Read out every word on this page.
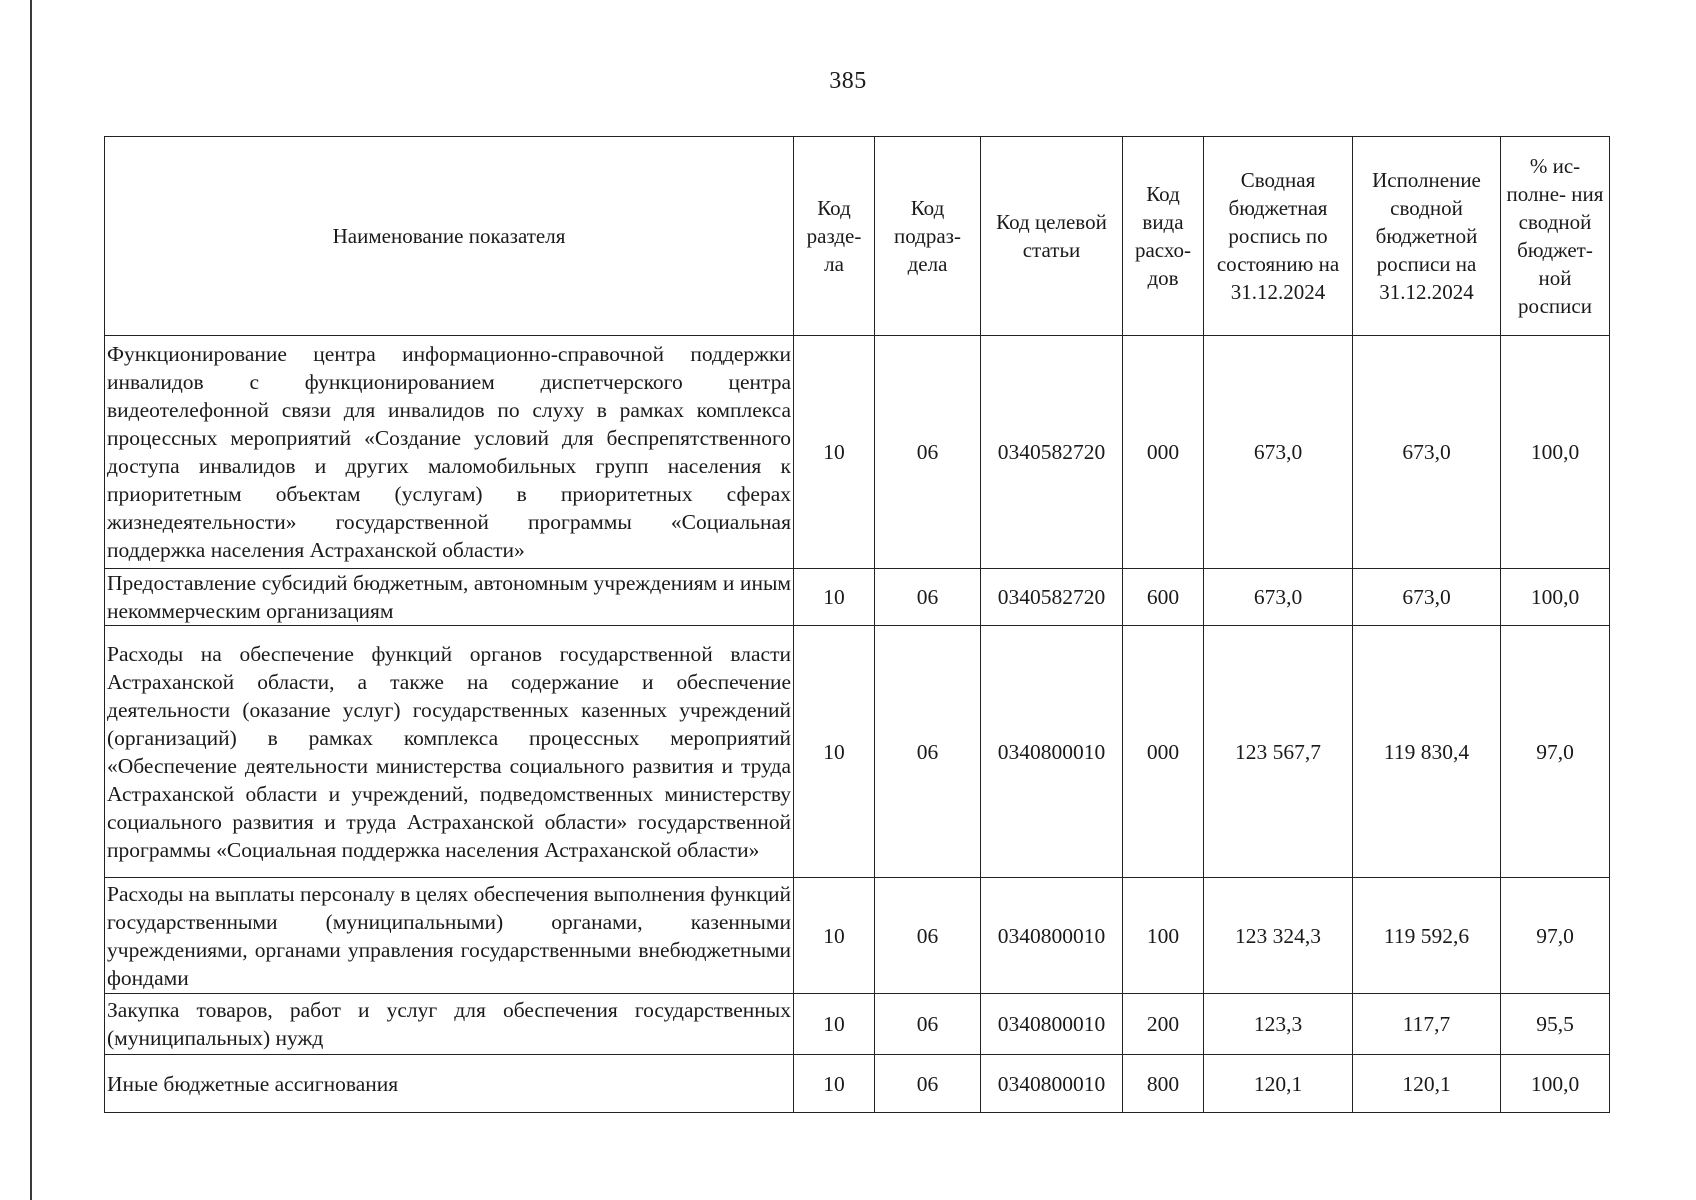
385
Наименование показателя	Код разде- ла	Код подраз- дела	Код целевой статьи	Код вида расхо- дов	Сводная бюджетная роспись по состоянию на 31.12.2024	Исполнение сводной бюджетной росписи на 31.12.2024	% ис- полне- ния сводной бюджет- ной росписи
Функционирование центра информационно-справочной поддержки инвалидов с функционированием диспетчерского центра видеотелефонной связи для инвалидов по слуху в рамках комплекса процессных мероприятий «Создание условий для беспрепятственного доступа инвалидов и других маломобильных групп населения к приоритетным объектам (услугам) в приоритетных сферах жизнедеятельности» государственной программы «Социальная поддержка населения Астраханской области»	10	06	0340582720	000	673,0	673,0	100,0
Предоставление субсидий бюджетным, автономным учреждениям и иным некоммерческим организациям	10	06	0340582720	600	673,0	673,0	100,0
Расходы на обеспечение функций органов государственной власти Астраханской области, а также на содержание и обеспечение деятельности (оказание услуг) государственных казенных учреждений (организаций) в рамках комплекса процессных мероприятий «Обеспечение деятельности министерства социального развития и труда Астраханской области и учреждений, подведомственных министерству социального развития и труда Астраханской области» государственной программы «Социальная поддержка населения Астраханской области»	10	06	0340800010	000	123 567,7	119 830,4	97,0
Расходы на выплаты персоналу в целях обеспечения выполнения функций государственными (муниципальными) органами, казенными учреждениями, органами управления государственными внебюджетными фондами	10	06	0340800010	100	123 324,3	119 592,6	97,0
Закупка товаров, работ и услуг для обеспечения государственных (муниципальных) нужд	10	06	0340800010	200	123,3	117,7	95,5
Иные бюджетные ассигнования	10	06	0340800010	800	120,1	120,1	100,0
